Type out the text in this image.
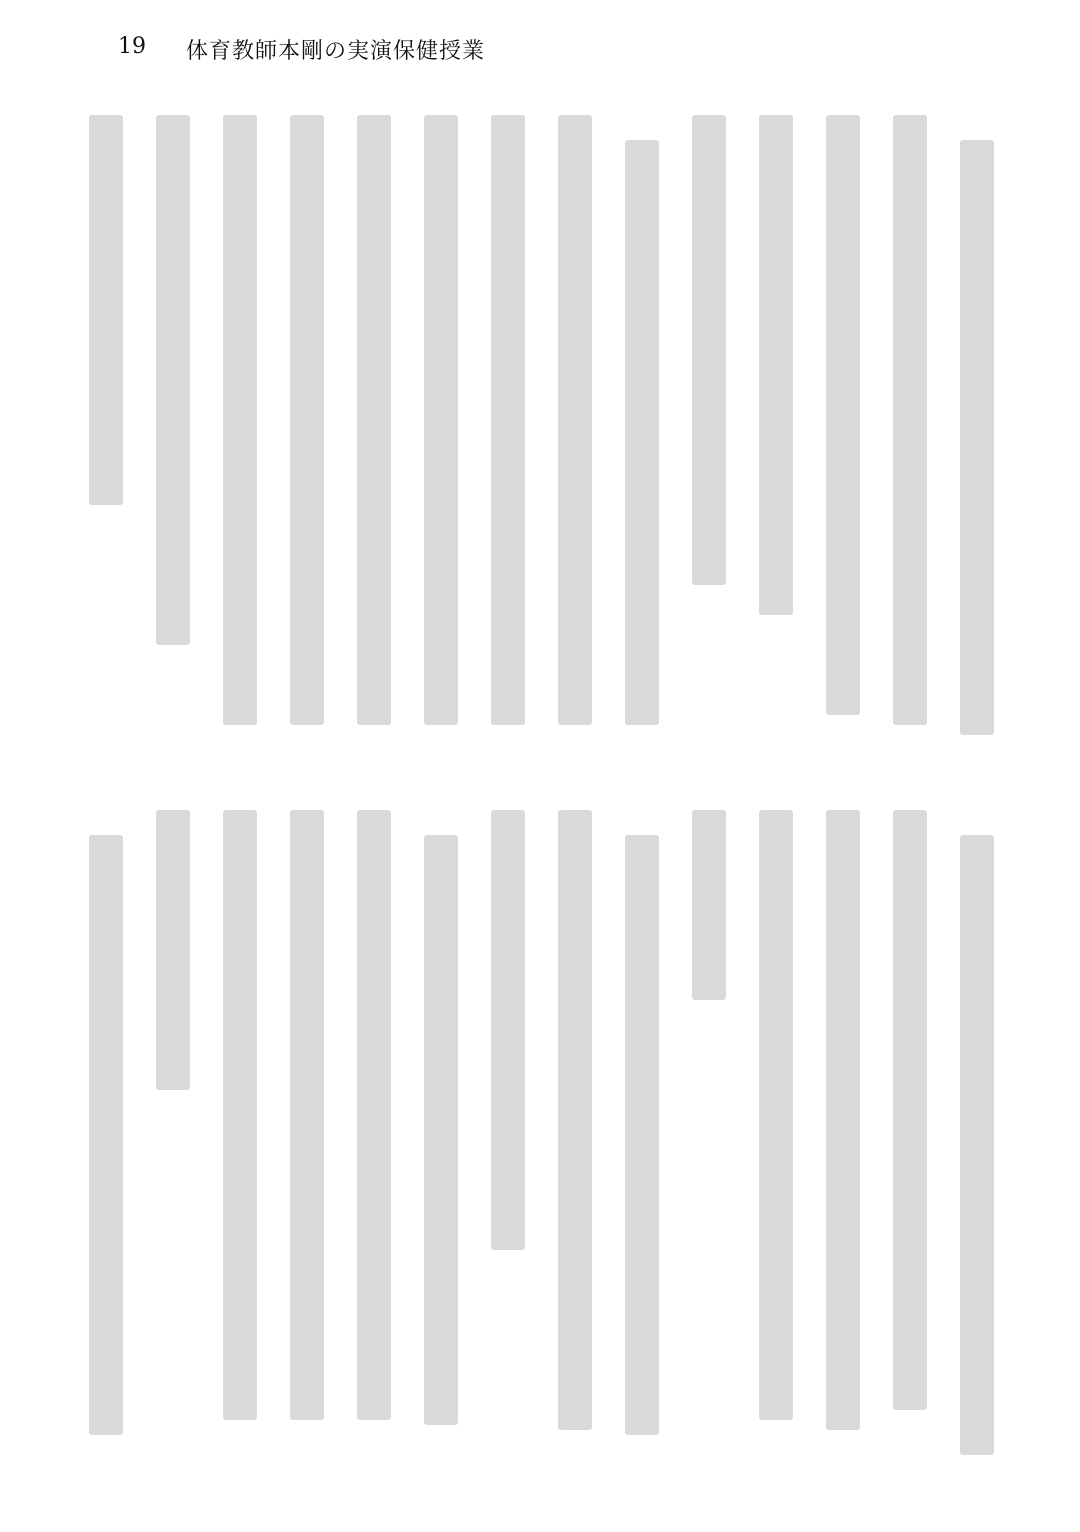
19 体育教師本剛の実演保健授業
